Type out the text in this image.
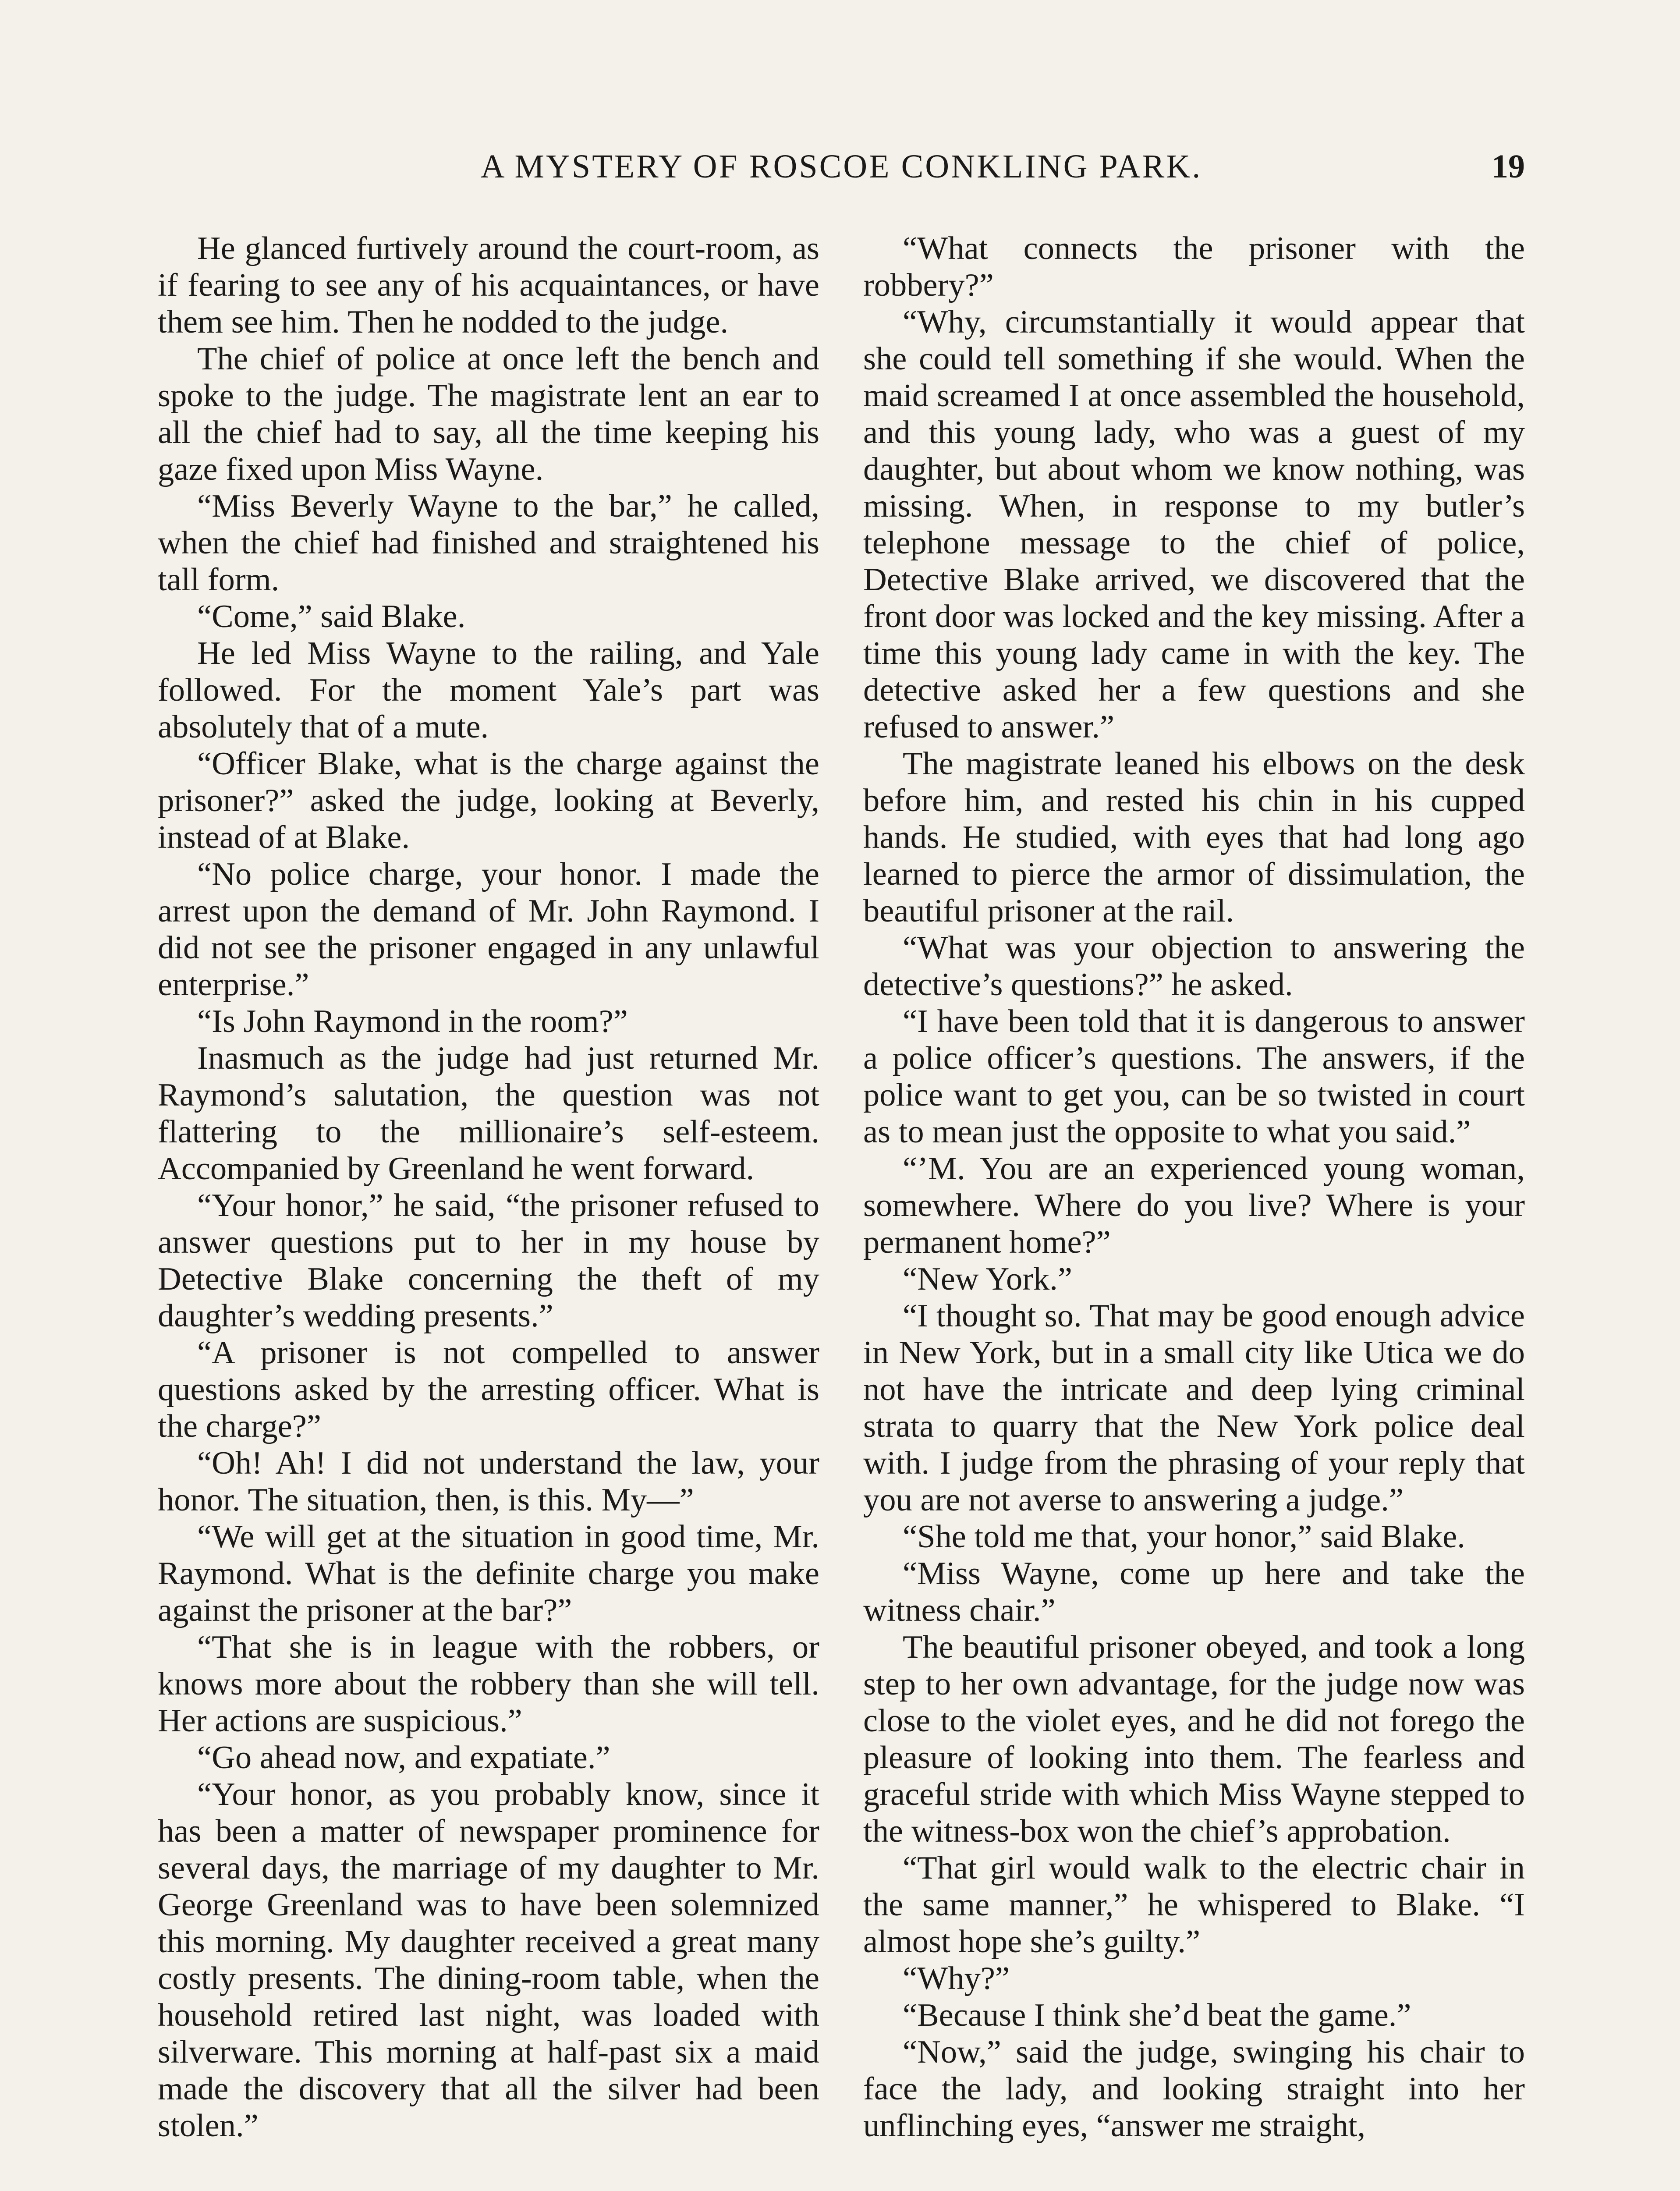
A MYSTERY OF ROSCOE CONKLING PARK.	19

He glanced furtively around the court-room, as if fearing to see any of his acquaintances, or have them see him. Then he nodded to the judge.

The chief of police at once left the bench and spoke to the judge. The magistrate lent an ear to all the chief had to say, all the time keeping his gaze fixed upon Miss Wayne.

“Miss Beverly Wayne to the bar,” he called, when the chief had finished and straightened his tall form.

“Come,” said Blake.

He led Miss Wayne to the railing, and Yale followed. For the moment Yale’s part was absolutely that of a mute.

“Officer Blake, what is the charge against the prisoner?” asked the judge, looking at Beverly, instead of at Blake.

“No police charge, your honor. I made the arrest upon the demand of Mr. John Raymond. I did not see the prisoner engaged in any unlawful enterprise.”

“Is John Raymond in the room?”

Inasmuch as the judge had just returned Mr. Raymond’s salutation, the question was not flattering to the millionaire’s self-esteem. Accompanied by Greenland he went forward.

“Your honor,” he said, “the prisoner refused to answer questions put to her in my house by Detective Blake concerning the theft of my daughter’s wedding presents.”

“A prisoner is not compelled to answer questions asked by the arresting officer. What is the charge?”

“Oh! Ah! I did not understand the law, your honor. The situation, then, is this. My—”

“We will get at the situation in good time, Mr. Raymond. What is the definite charge you make against the prisoner at the bar?”

“That she is in league with the robbers, or knows more about the robbery than she will tell. Her actions are suspicious.”

“Go ahead now, and expatiate.”

“Your honor, as you probably know, since it has been a matter of newspaper prominence for several days, the marriage of my daughter to Mr. George Greenland was to have been solemnized this morning. My daughter received a great many costly presents. The dining-room table, when the household retired last night, was loaded with silverware. This morning at half-past six a maid made the discovery that all the silver had been stolen.”

“What connects the prisoner with the robbery?”

“Why, circumstantially it would appear that she could tell something if she would. When the maid screamed I at once assembled the household, and this young lady, who was a guest of my daughter, but about whom we know nothing, was missing. When, in response to my butler’s telephone message to the chief of police, Detective Blake arrived, we discovered that the front door was locked and the key missing. After a time this young lady came in with the key. The detective asked her a few questions and she refused to answer.”

The magistrate leaned his elbows on the desk before him, and rested his chin in his cupped hands. He studied, with eyes that had long ago learned to pierce the armor of dissimulation, the beautiful prisoner at the rail.

“What was your objection to answering the detective’s questions?” he asked.

“I have been told that it is dangerous to answer a police officer’s questions. The answers, if the police want to get you, can be so twisted in court as to mean just the opposite to what you said.”

“’M. You are an experienced young woman, somewhere. Where do you live? Where is your permanent home?”

“New York.”

“I thought so. That may be good enough advice in New York, but in a small city like Utica we do not have the intricate and deep lying criminal strata to quarry that the New York police deal with. I judge from the phrasing of your reply that you are not averse to answering a judge.”

“She told me that, your honor,” said Blake.

“Miss Wayne, come up here and take the witness chair.”

The beautiful prisoner obeyed, and took a long step to her own advantage, for the judge now was close to the violet eyes, and he did not forego the pleasure of looking into them. The fearless and graceful stride with which Miss Wayne stepped to the witness-box won the chief’s approbation.

“That girl would walk to the electric chair in the same manner,” he whispered to Blake. “I almost hope she’s guilty.”

“Why?”

“Because I think she’d beat the game.”

“Now,” said the judge, swinging his chair to face the lady, and looking straight into her unflinching eyes, “answer me straight,
